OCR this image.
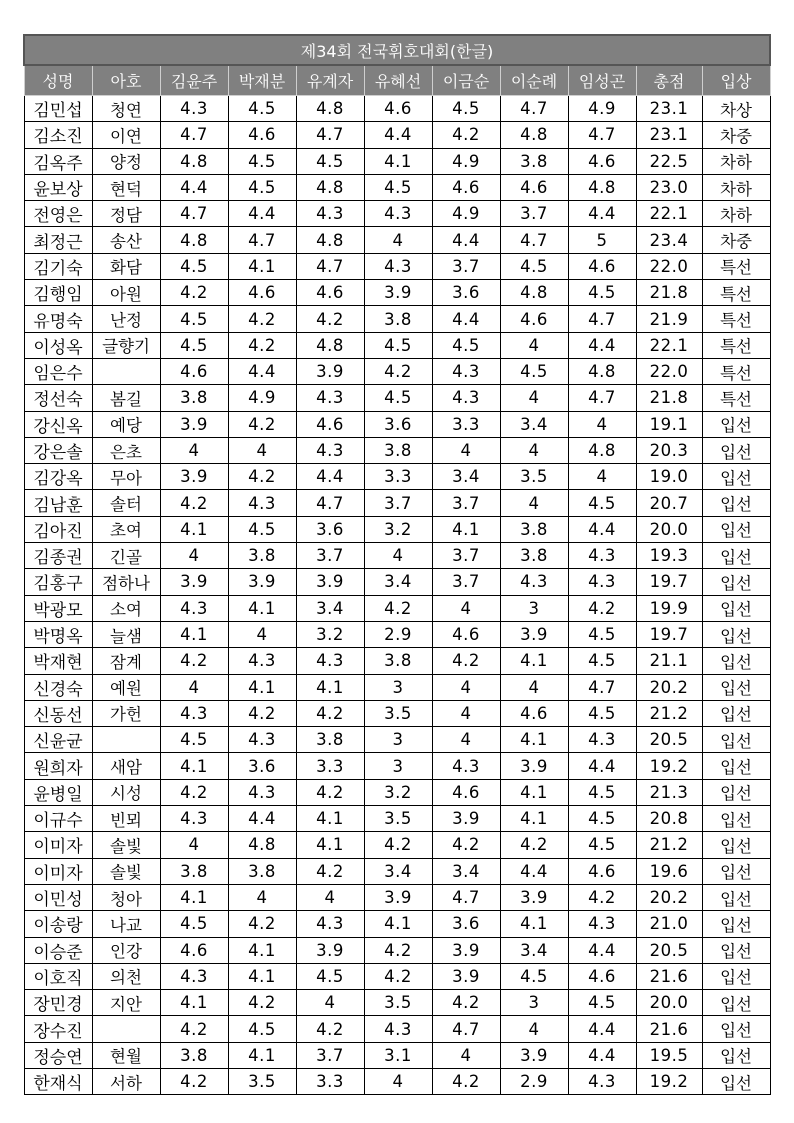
제34회 전국휘호대회(한글)										
성명	아호	김윤주	박재분	유계자	유혜선	이금순	이순례	임성곤	총점	입상
김민섭	청연	4.3	4.5	4.8	4.6	4.5	4.7	4.9	23.1	차상
김소진	이연	4.7	4.6	4.7	4.4	4.2	4.8	4.7	23.1	차중
김옥주	양정	4.8	4.5	4.5	4.1	4.9	3.8	4.6	22.5	차하
윤보상	현덕	4.4	4.5	4.8	4.5	4.6	4.6	4.8	23.0	차하
전영은	정담	4.7	4.4	4.3	4.3	4.9	3.7	4.4	22.1	차하
최정근	송산	4.8	4.7	4.8	4	4.4	4.7	5	23.4	차중
김기숙	화담	4.5	4.1	4.7	4.3	3.7	4.5	4.6	22.0	특선
김행임	아원	4.2	4.6	4.6	3.9	3.6	4.8	4.5	21.8	특선
유명숙	난정	4.5	4.2	4.2	3.8	4.4	4.6	4.7	21.9	특선
이성옥	글향기	4.5	4.2	4.8	4.5	4.5	4	4.4	22.1	특선
임은수		4.6	4.4	3.9	4.2	4.3	4.5	4.8	22.0	특선
정선숙	봄길	3.8	4.9	4.3	4.5	4.3	4	4.7	21.8	특선
강신옥	예당	3.9	4.2	4.6	3.6	3.3	3.4	4	19.1	입선
강은솔	은초	4	4	4.3	3.8	4	4	4.8	20.3	입선
김강옥	무아	3.9	4.2	4.4	3.3	3.4	3.5	4	19.0	입선
김남훈	솔터	4.2	4.3	4.7	3.7	3.7	4	4.5	20.7	입선
김아진	초여	4.1	4.5	3.6	3.2	4.1	3.8	4.4	20.0	입선
김종권	긴골	4	3.8	3.7	4	3.7	3.8	4.3	19.3	입선
김홍구	점하나	3.9	3.9	3.9	3.4	3.7	4.3	4.3	19.7	입선
박광모	소여	4.3	4.1	3.4	4.2	4	3	4.2	19.9	입선
박명옥	늘샘	4.1	4	3.2	2.9	4.6	3.9	4.5	19.7	입선
박재현	잠계	4.2	4.3	4.3	3.8	4.2	4.1	4.5	21.1	입선
신경숙	예원	4	4.1	4.1	3	4	4	4.7	20.2	입선
신동선	가헌	4.3	4.2	4.2	3.5	4	4.6	4.5	21.2	입선
신윤균		4.5	4.3	3.8	3	4	4.1	4.3	20.5	입선
원희자	새암	4.1	3.6	3.3	3	4.3	3.9	4.4	19.2	입선
윤병일	시성	4.2	4.3	4.2	3.2	4.6	4.1	4.5	21.3	입선
이규수	빈뫼	4.3	4.4	4.1	3.5	3.9	4.1	4.5	20.8	입선
이미자	솔빛	4	4.8	4.1	4.2	4.2	4.2	4.5	21.2	입선
이미자	솔빛	3.8	3.8	4.2	3.4	3.4	4.4	4.6	19.6	입선
이민성	청아	4.1	4	4	3.9	4.7	3.9	4.2	20.2	입선
이송랑	나교	4.5	4.2	4.3	4.1	3.6	4.1	4.3	21.0	입선
이승준	인강	4.6	4.1	3.9	4.2	3.9	3.4	4.4	20.5	입선
이호직	의천	4.3	4.1	4.5	4.2	3.9	4.5	4.6	21.6	입선
장민경	지안	4.1	4.2	4	3.5	4.2	3	4.5	20.0	입선
장수진		4.2	4.5	4.2	4.3	4.7	4	4.4	21.6	입선
정승연	현월	3.8	4.1	3.7	3.1	4	3.9	4.4	19.5	입선
한재식	서하	4.2	3.5	3.3	4	4.2	2.9	4.3	19.2	입선
